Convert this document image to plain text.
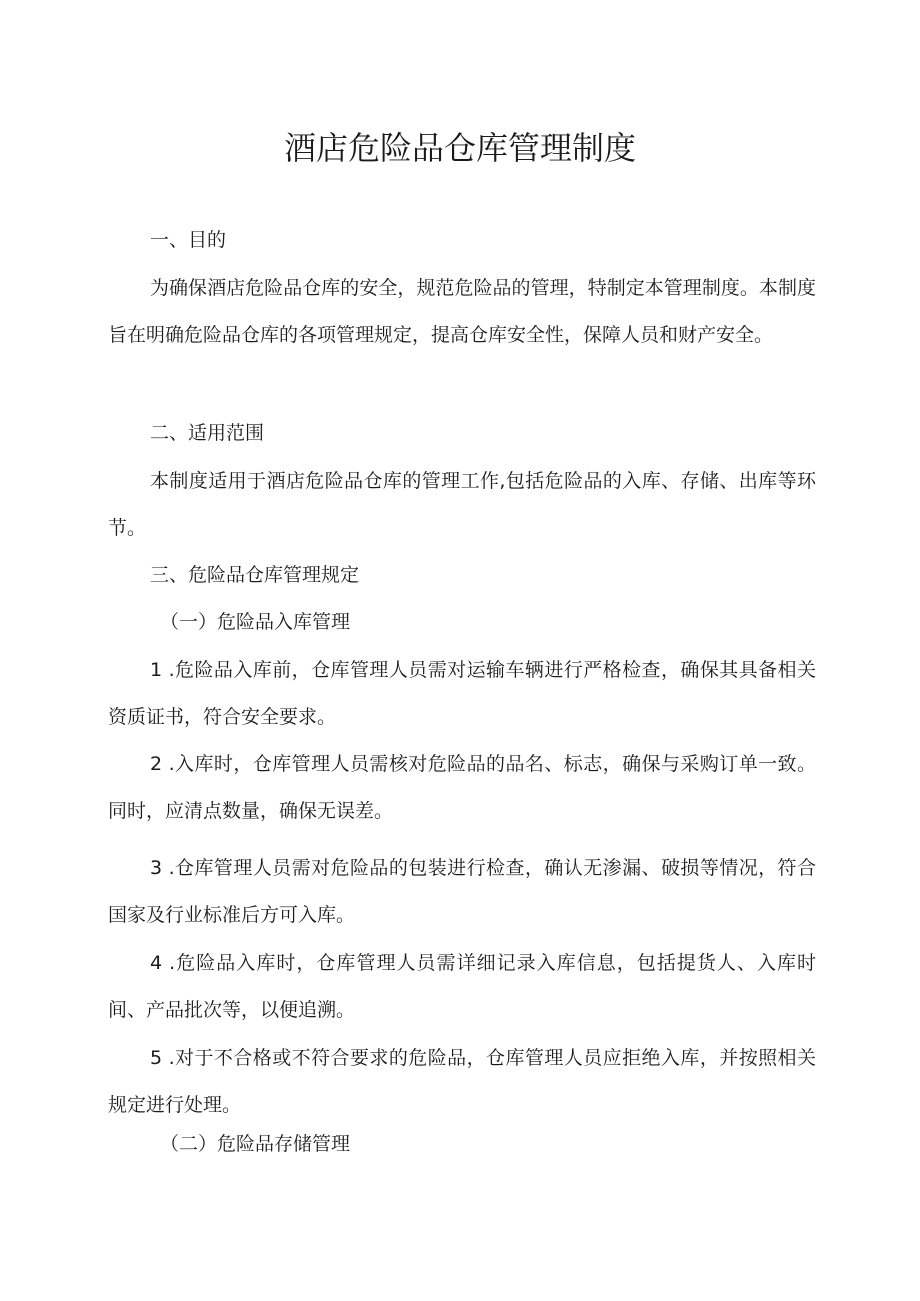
酒店危险品仓库管理制度

一、目的

为确保酒店危险品仓库的安全，规范危险品的管理，特制定本管理制度。本制度旨在明确危险品仓库的各项管理规定，提高仓库安全性，保障人员和财产安全。

二、适用范围

本制度适用于酒店危险品仓库的管理工作,包括危险品的入库、存储、出库等环节。

三、危险品仓库管理规定

（一）危险品入库管理

1 .危险品入库前，仓库管理人员需对运输车辆进行严格检查，确保其具备相关资质证书，符合安全要求。

2 .入库时，仓库管理人员需核对危险品的品名、标志，确保与采购订单一致。同时，应清点数量，确保无误差。

3 .仓库管理人员需对危险品的包装进行检查，确认无渗漏、破损等情况，符合国家及行业标准后方可入库。

4 .危险品入库时，仓库管理人员需详细记录入库信息，包括提货人、入库时间、产品批次等，以便追溯。

5 .对于不合格或不符合要求的危险品，仓库管理人员应拒绝入库，并按照相关规定进行处理。

（二）危险品存储管理
